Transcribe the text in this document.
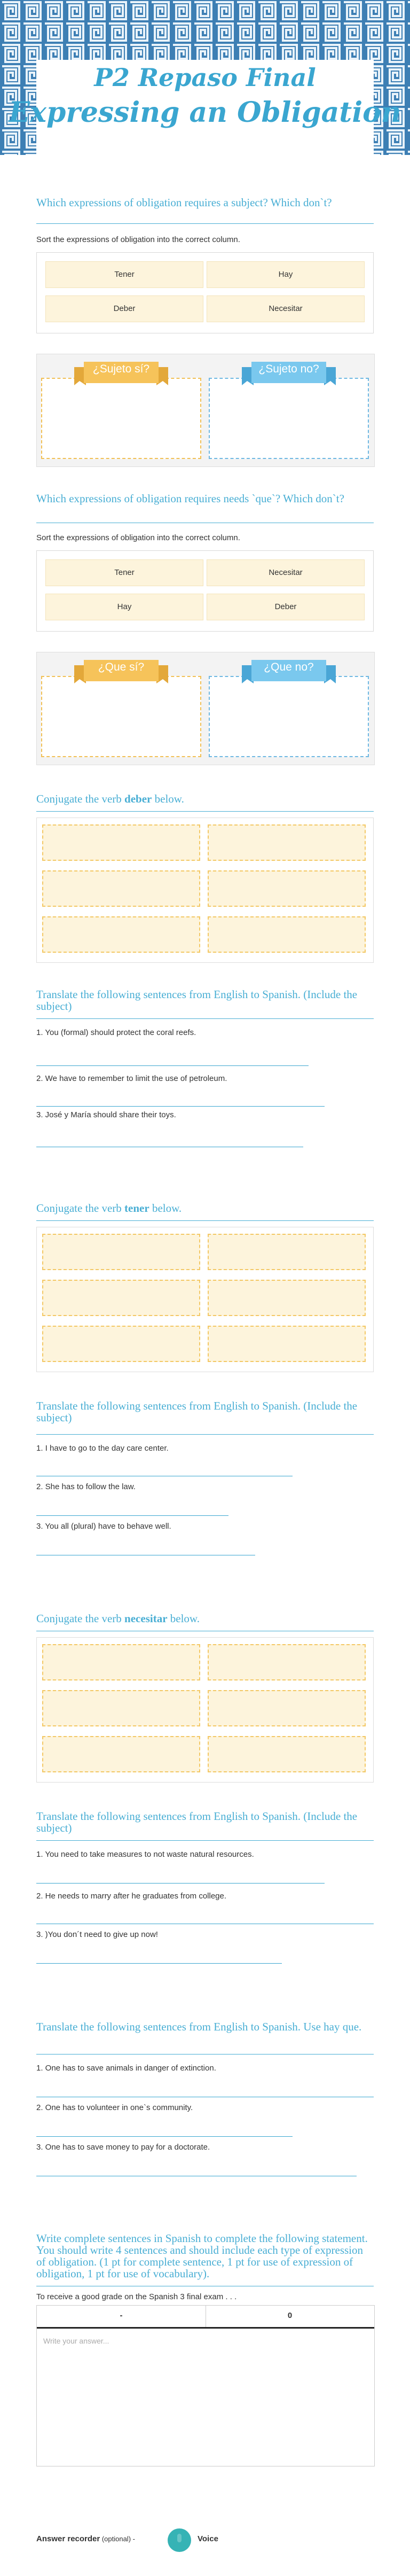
P2 Repaso Final
Expressing an Obligation
Which expressions of obligation requires a subject? Which don`t?
Sort the expressions of obligation into the correct column.
Tener	Hay
Deber	Necesitar
¿Sujeto sí?	¿Sujeto no?
Which expressions of obligation requires needs `que`? Which don`t?
Sort the expressions of obligation into the correct column.
Tener	Necesitar
Hay	Deber
¿Que sí?	¿Que no?
Conjugate the verb deber below.
Translate the following sentences from English to Spanish. (Include the subject)
1. You (formal) should protect the coral reefs.
2. We have to remember to limit the use of petroleum.
3. José y María should share their toys.
Conjugate the verb tener below.
Translate the following sentences from English to Spanish. (Include the subject)
1. I have to go to the day care center.
2. She has to follow the law.
3. You all (plural) have to behave well.
Conjugate the verb necesitar below.
Translate the following sentences from English to Spanish. (Include the subject)
1. You need to take measures to not waste natural resources.
2. He needs to marry after he graduates from college.
3. )You don´t need to give up now!
Translate the following sentences from English to Spanish. Use hay que.
1. One has to save animals in danger of extinction.
2. One has to volunteer in one`s community.
3. One has to save money to pay for a doctorate.
Write complete sentences in Spanish to complete the following statement. You should write 4 sentences and should include each type of expression of obligation. (1 pt for complete sentence, 1 pt for use of expression of obligation, 1 pt for use of vocabulary).
To receive a good grade on the Spanish 3 final exam . . .
-	0
Write your answer...
Answer recorder (optional) -	Voice
